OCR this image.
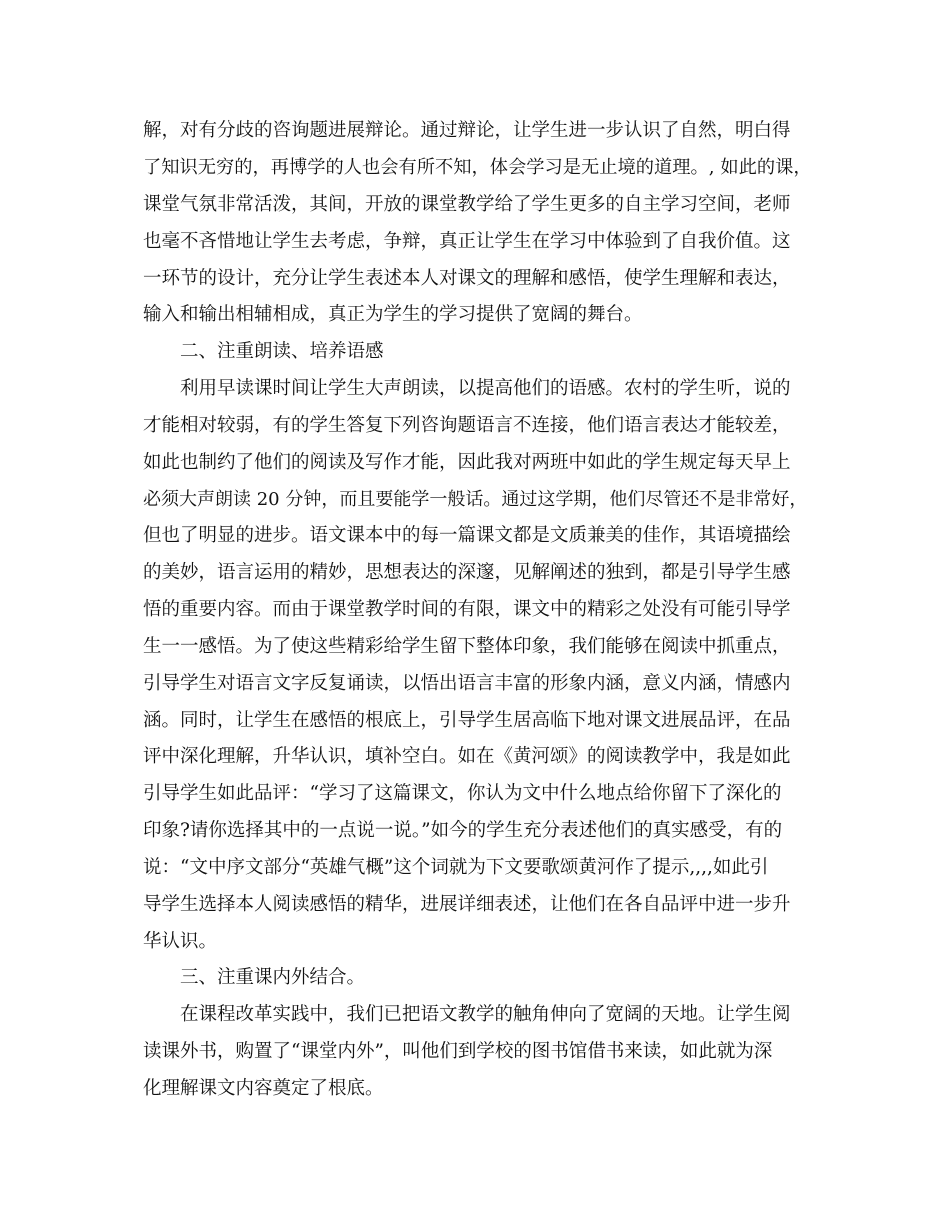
解，对有分歧的咨询题进展辩论。通过辩论，让学生进一步认识了自然，明白得
了知识无穷的，再博学的人也会有所不知，体会学习是无止境的道理。, 如此的课，
课堂气氛非常活泼，其间，开放的课堂教学给了学生更多的自主学习空间，老师
也毫不吝惜地让学生去考虑，争辩，真正让学生在学习中体验到了自我价值。这
一环节的设计，充分让学生表述本人对课文的理解和感悟，使学生理解和表达，
输入和输出相辅相成，真正为学生的学习提供了宽阔的舞台。
二、注重朗读、培养语感
利用早读课时间让学生大声朗读，以提高他们的语感。农村的学生听，说的
才能相对较弱，有的学生答复下列咨询题语言不连接，他们语言表达才能较差，
如此也制约了他们的阅读及写作才能，因此我对两班中如此的学生规定每天早上
必须大声朗读 20 分钟，而且要能学一般话。通过这学期，他们尽管还不是非常好，
但也了明显的进步。语文课本中的每一篇课文都是文质兼美的佳作，其语境描绘
的美妙，语言运用的精妙，思想表达的深邃，见解阐述的独到，都是引导学生感
悟的重要内容。而由于课堂教学时间的有限，课文中的精彩之处没有可能引导学
生一一感悟。为了使这些精彩给学生留下整体印象，我们能够在阅读中抓重点，
引导学生对语言文字反复诵读，以悟出语言丰富的形象内涵，意义内涵，情感内
涵。同时，让学生在感悟的根底上，引导学生居高临下地对课文进展品评，在品
评中深化理解，升华认识，填补空白。如在《黄河颂》的阅读教学中，我是如此
引导学生如此品评：“学习了这篇课文，你认为文中什么地点给你留下了深化的
印象?请你选择其中的一点说一说。”如今的学生充分表述他们的真实感受，有的
说：“文中序文部分“英雄气概”这个词就为下文要歌颂黄河作了提示,,,,如此引
导学生选择本人阅读感悟的精华，进展详细表述，让他们在各自品评中进一步升
华认识。
三、注重课内外结合。
在课程改革实践中，我们已把语文教学的触角伸向了宽阔的天地。让学生阅
读课外书，购置了“课堂内外”，叫他们到学校的图书馆借书来读，如此就为深
化理解课文内容奠定了根底。
